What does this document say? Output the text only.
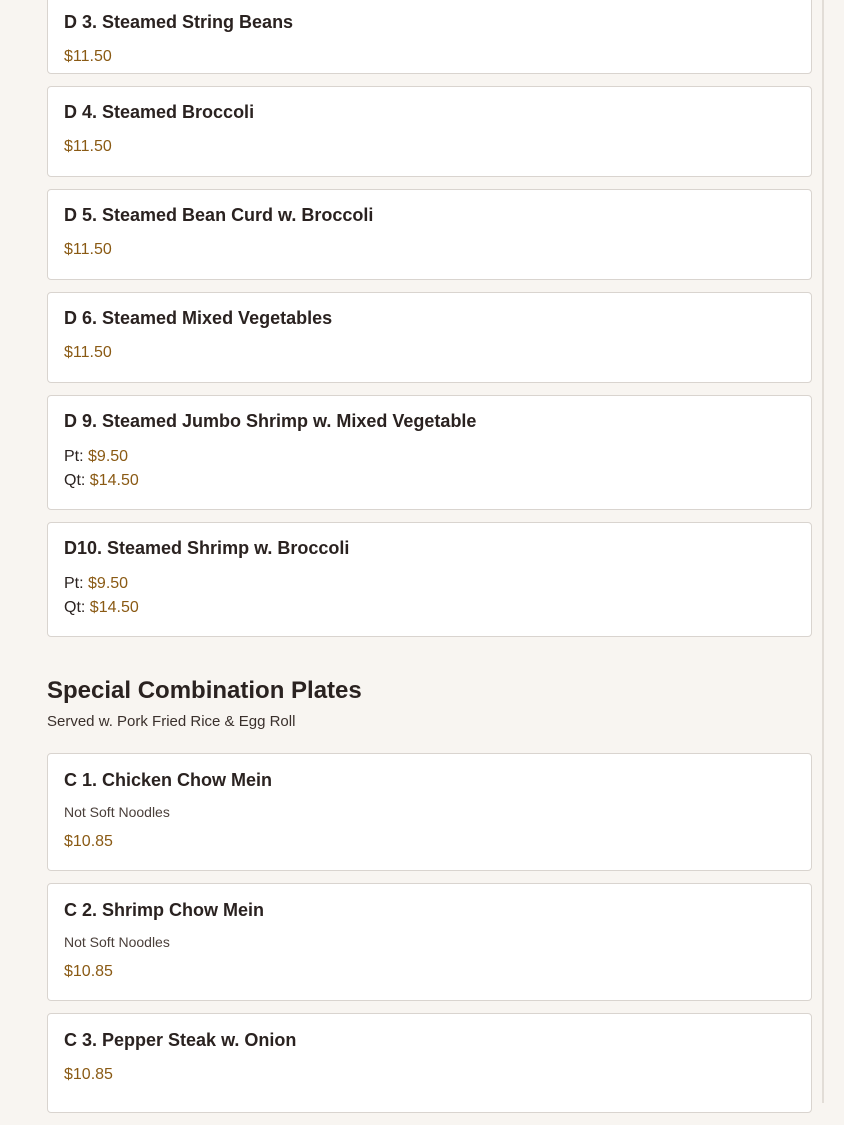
D 3. Steamed String Beans
$11.50
D 4. Steamed Broccoli
$11.50
D 5. Steamed Bean Curd w. Broccoli
$11.50
D 6. Steamed Mixed Vegetables
$11.50
D 9. Steamed Jumbo Shrimp w. Mixed Vegetable
Pt: $9.50
Qt: $14.50
D10. Steamed Shrimp w. Broccoli
Pt: $9.50
Qt: $14.50
Special Combination Plates
Served w. Pork Fried Rice & Egg Roll
C 1. Chicken Chow Mein
Not Soft Noodles
$10.85
C 2. Shrimp Chow Mein
Not Soft Noodles
$10.85
C 3. Pepper Steak w. Onion
$10.85
